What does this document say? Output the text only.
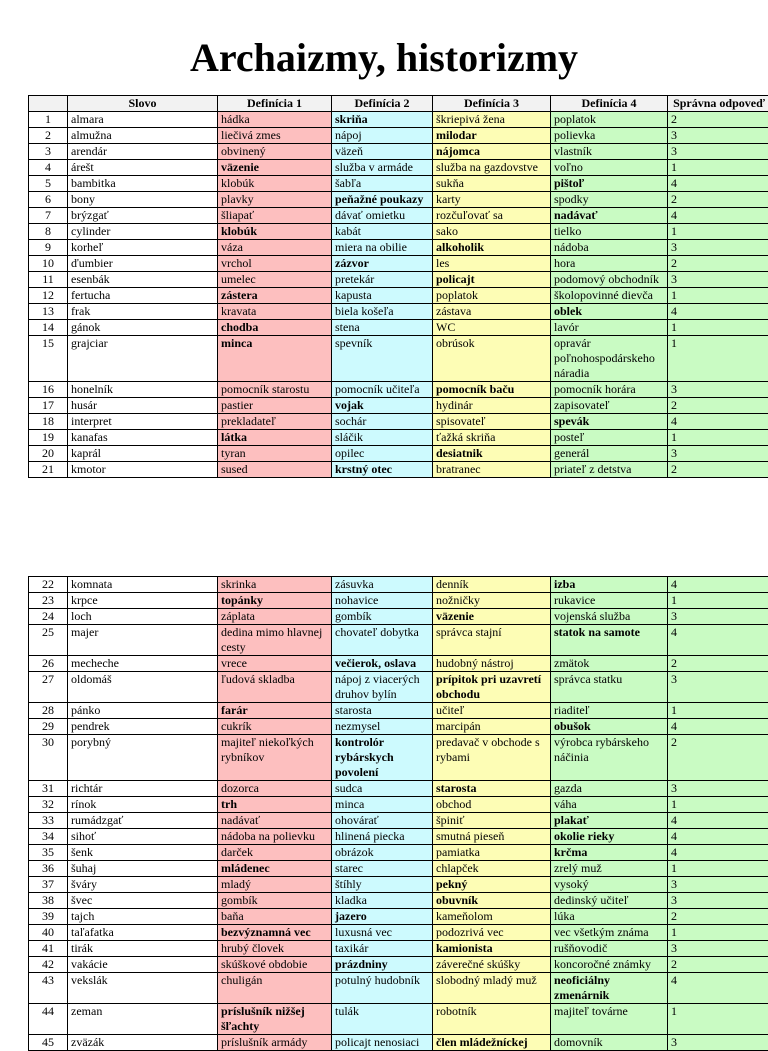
Archaizmy, historizmy
	Slovo	Definícia 1	Definícia 2	Definícia 3	Definícia 4	Správna odpoveď
1	almara	hádka	skriňa	škriepivá žena	poplatok	2
2	almužna	liečivá zmes	nápoj	milodar	polievka	3
3	arendár	obvinený	väzeň	nájomca	vlastník	3
4	árešt	väzenie	služba v armáde	služba na gazdovstve	voľno	1
5	bambitka	klobúk	šabľa	sukňa	pištoľ	4
6	bony	plavky	peňažné poukazy	karty	spodky	2
7	brýzgať	šliapať	dávať omietku	rozčuľovať sa	nadávať	4
8	cylinder	klobúk	kabát	sako	tielko	1
9	korheľ	váza	miera na obilie	alkoholik	nádoba	3
10	ďumbier	vrchol	zázvor	les	hora	2
11	esenbák	umelec	pretekár	policajt	podomový obchodník	3
12	fertucha	zástera	kapusta	poplatok	školopovinné dievča	1
13	frak	kravata	biela košeľa	zástava	oblek	4
14	gánok	chodba	stena	WC	lavór	1
15	grajciar	minca	spevník	obrúsok	opravár poľnohospodárskeho náradia	1
16	honelník	pomocník starostu	pomocník učiteľa	pomocník baču	pomocník horára	3
17	husár	pastier	vojak	hydinár	zapisovateľ	2
18	interpret	prekladateľ	sochár	spisovateľ	spevák	4
19	kanafas	látka	sláčik	ťažká skriňa	posteľ	1
20	kaprál	tyran	opilec	desiatnik	generál	3
21	kmotor	sused	krstný otec	bratranec	priateľ z detstva	2
22	komnata	skrinka	zásuvka	denník	izba	4
23	krpce	topánky	nohavice	nožničky	rukavice	1
24	loch	záplata	gombík	väzenie	vojenská služba	3
25	majer	dedina mimo hlavnej cesty	chovateľ dobytka	správca stajní	statok na samote	4
26	mecheche	vrece	večierok, oslava	hudobný nástroj	zmätok	2
27	oldomáš	ľudová skladba	nápoj z viacerých druhov bylín	prípitok pri uzavretí obchodu	správca statku	3
28	pánko	farár	starosta	učiteľ	riaditeľ	1
29	pendrek	cukrík	nezmysel	marcipán	obušok	4
30	porybný	majiteľ niekoľkých rybníkov	kontrolór rybárskych povolení	predavač v obchode s rybami	výrobca rybárskeho náčinia	2
31	richtár	dozorca	sudca	starosta	gazda	3
32	rínok	trh	minca	obchod	váha	1
33	rumádzgať	nadávať	ohovárať	špiniť	plakať	4
34	sihoť	nádoba na polievku	hlinená piecka	smutná pieseň	okolie rieky	4
35	šenk	darček	obrázok	pamiatka	krčma	4
36	šuhaj	mládenec	starec	chlapček	zrelý muž	1
37	šváry	mladý	štíhly	pekný	vysoký	3
38	švec	gombík	kladka	obuvník	dedinský učiteľ	3
39	tajch	baňa	jazero	kameňolom	lúka	2
40	taľafatka	bezvýznamná vec	luxusná vec	podozrivá vec	vec všetkým známa	1
41	tirák	hrubý človek	taxikár	kamionista	rušňovodič	3
42	vakácie	skúškové obdobie	prázdniny	záverečné skúšky	koncoročné známky	2
43	vekslák	chuligán	potulný hudobník	slobodný mladý muž	neoficiálny zmenárnik	4
44	zeman	príslušník nižšej šľachty	tulák	robotník	majiteľ továrne	1
45	zväzák	príslušník armády	policajt nenosiaci	člen mládežníckej	domovník	3
